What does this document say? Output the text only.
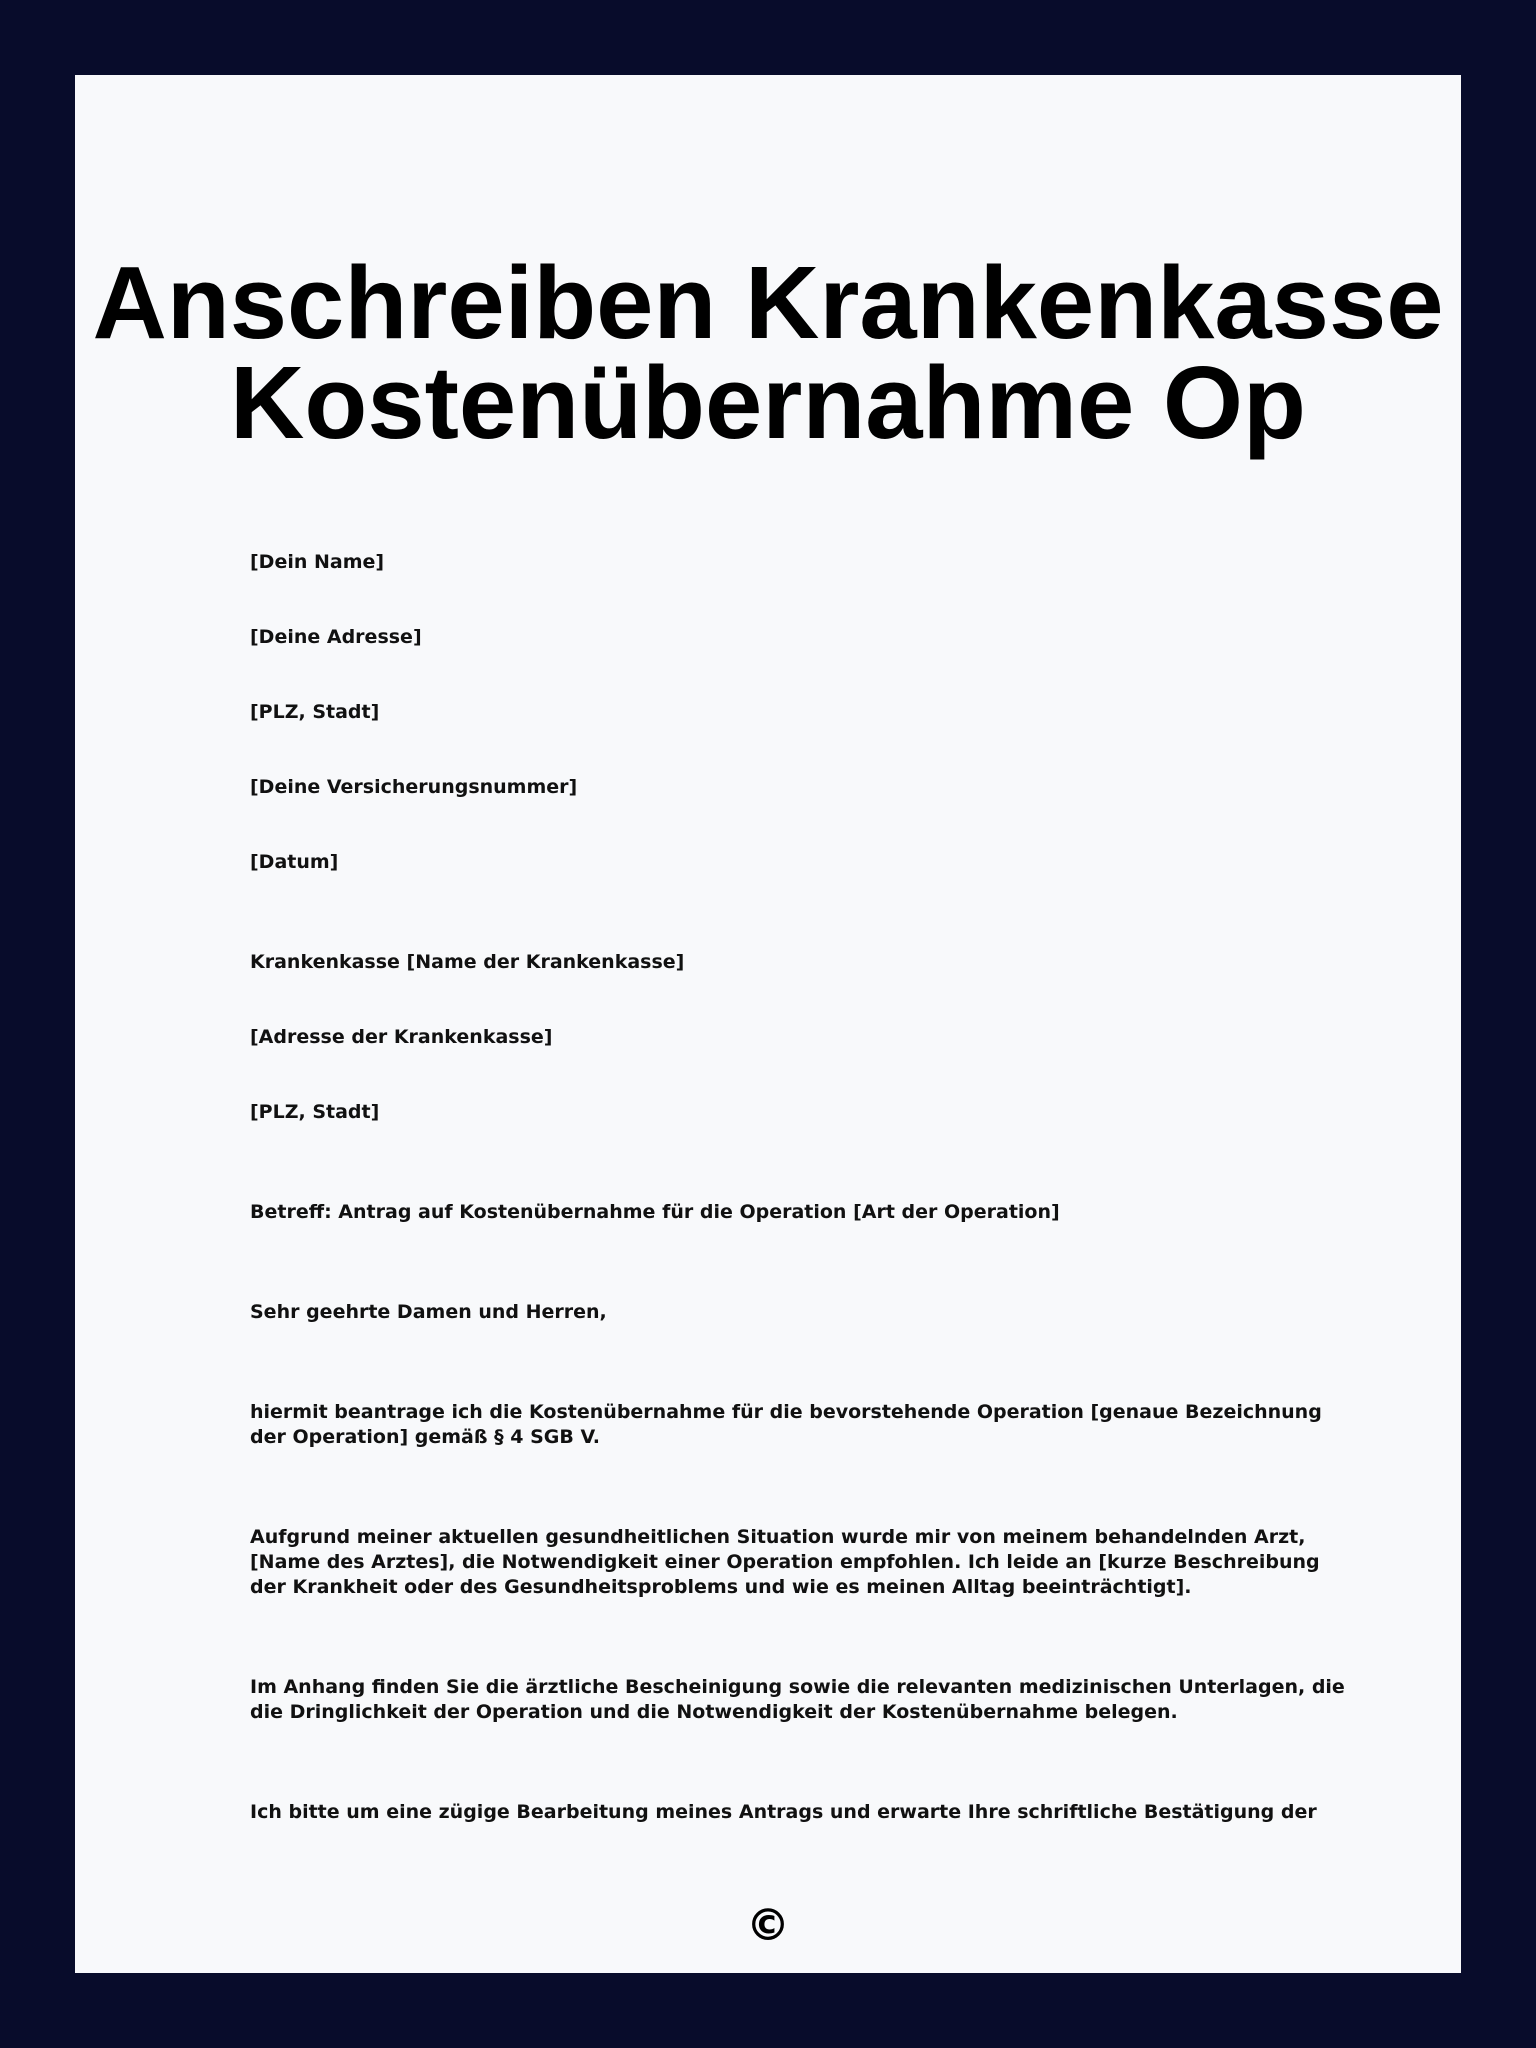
Anschreiben Krankenkasse
Kostenübernahme Op

[Dein Name]

[Deine Adresse]

[PLZ, Stadt]

[Deine Versicherungsnummer]

[Datum]

Krankenkasse [Name der Krankenkasse]

[Adresse der Krankenkasse]

[PLZ, Stadt]

Betreff: Antrag auf Kostenübernahme für die Operation [Art der Operation]

Sehr geehrte Damen und Herren,

hiermit beantrage ich die Kostenübernahme für die bevorstehende Operation [genaue Bezeichnung der Operation] gemäß § 4 SGB V.

Aufgrund meiner aktuellen gesundheitlichen Situation wurde mir von meinem behandelnden Arzt, [Name des Arztes], die Notwendigkeit einer Operation empfohlen. Ich leide an [kurze Beschreibung der Krankheit oder des Gesundheitsproblems und wie es meinen Alltag beeinträchtigt].

Im Anhang finden Sie die ärztliche Bescheinigung sowie die relevanten medizinischen Unterlagen, die die Dringlichkeit der Operation und die Notwendigkeit der Kostenübernahme belegen.

Ich bitte um eine zügige Bearbeitung meines Antrags und erwarte Ihre schriftliche Bestätigung der

©
